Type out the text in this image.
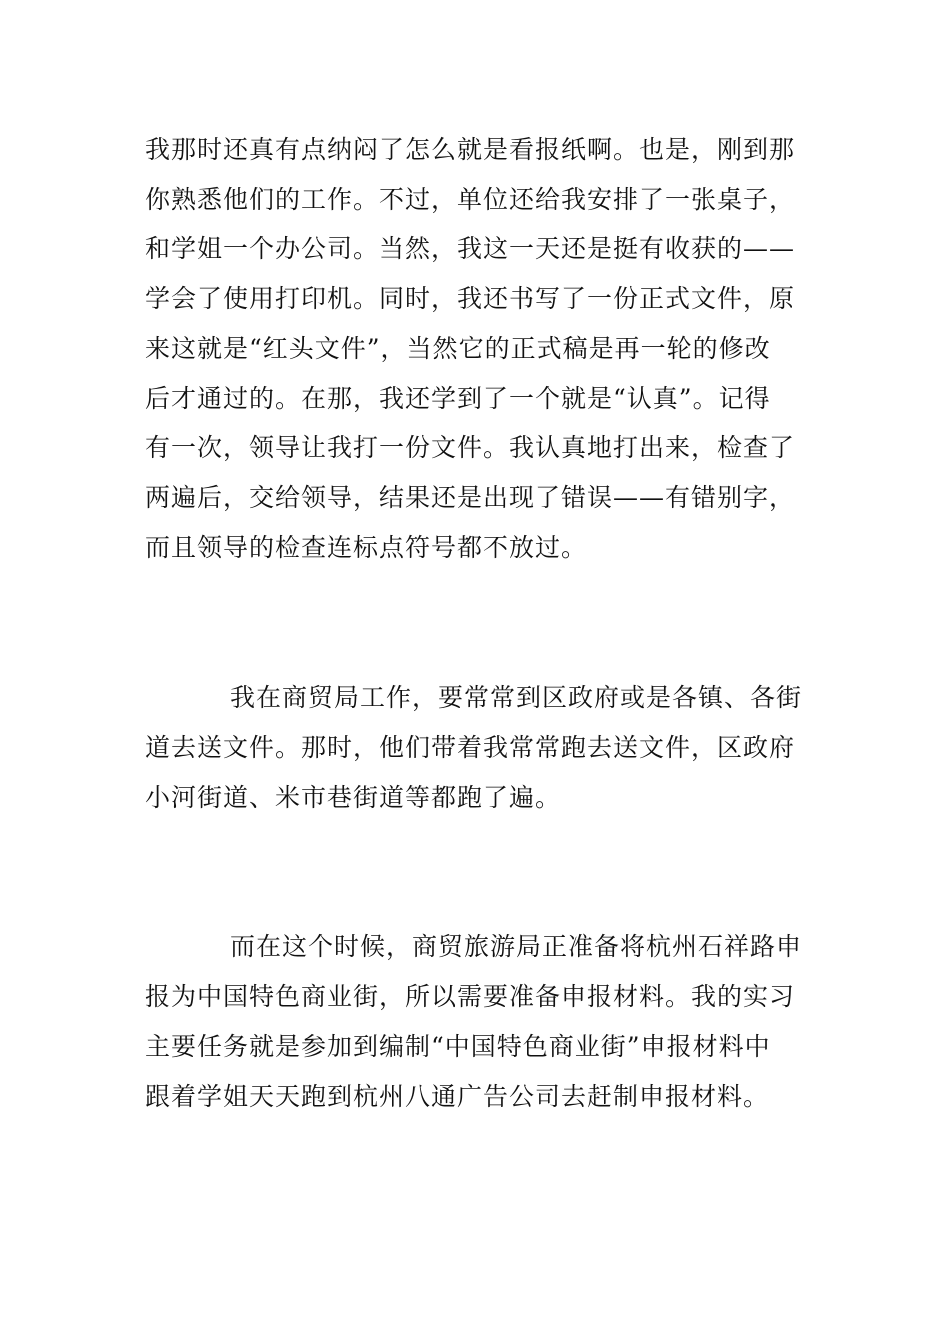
我那时还真有点纳闷了怎么就是看报纸啊。也是，刚到那
你熟悉他们的工作。不过，单位还给我安排了一张桌子，
和学姐一个办公司。当然，我这一天还是挺有收获的——
学会了使用打印机。同时，我还书写了一份正式文件，原
来这就是“红头文件”，当然它的正式稿是再一轮的修改
后才通过的。在那，我还学到了一个就是“认真”。记得
有一次，领导让我打一份文件。我认真地打出来，检查了
两遍后，交给领导，结果还是出现了错误——有错别字，
而且领导的检查连标点符号都不放过。
我在商贸局工作，要常常到区政府或是各镇、各街
道去送文件。那时，他们带着我常常跑去送文件，区政府
小河街道、米市巷街道等都跑了遍。
而在这个时候，商贸旅游局正准备将杭州石祥路申
报为中国特色商业街，所以需要准备申报材料。我的实习
主要任务就是参加到编制“中国特色商业街”申报材料中
跟着学姐天天跑到杭州八通广告公司去赶制申报材料。
